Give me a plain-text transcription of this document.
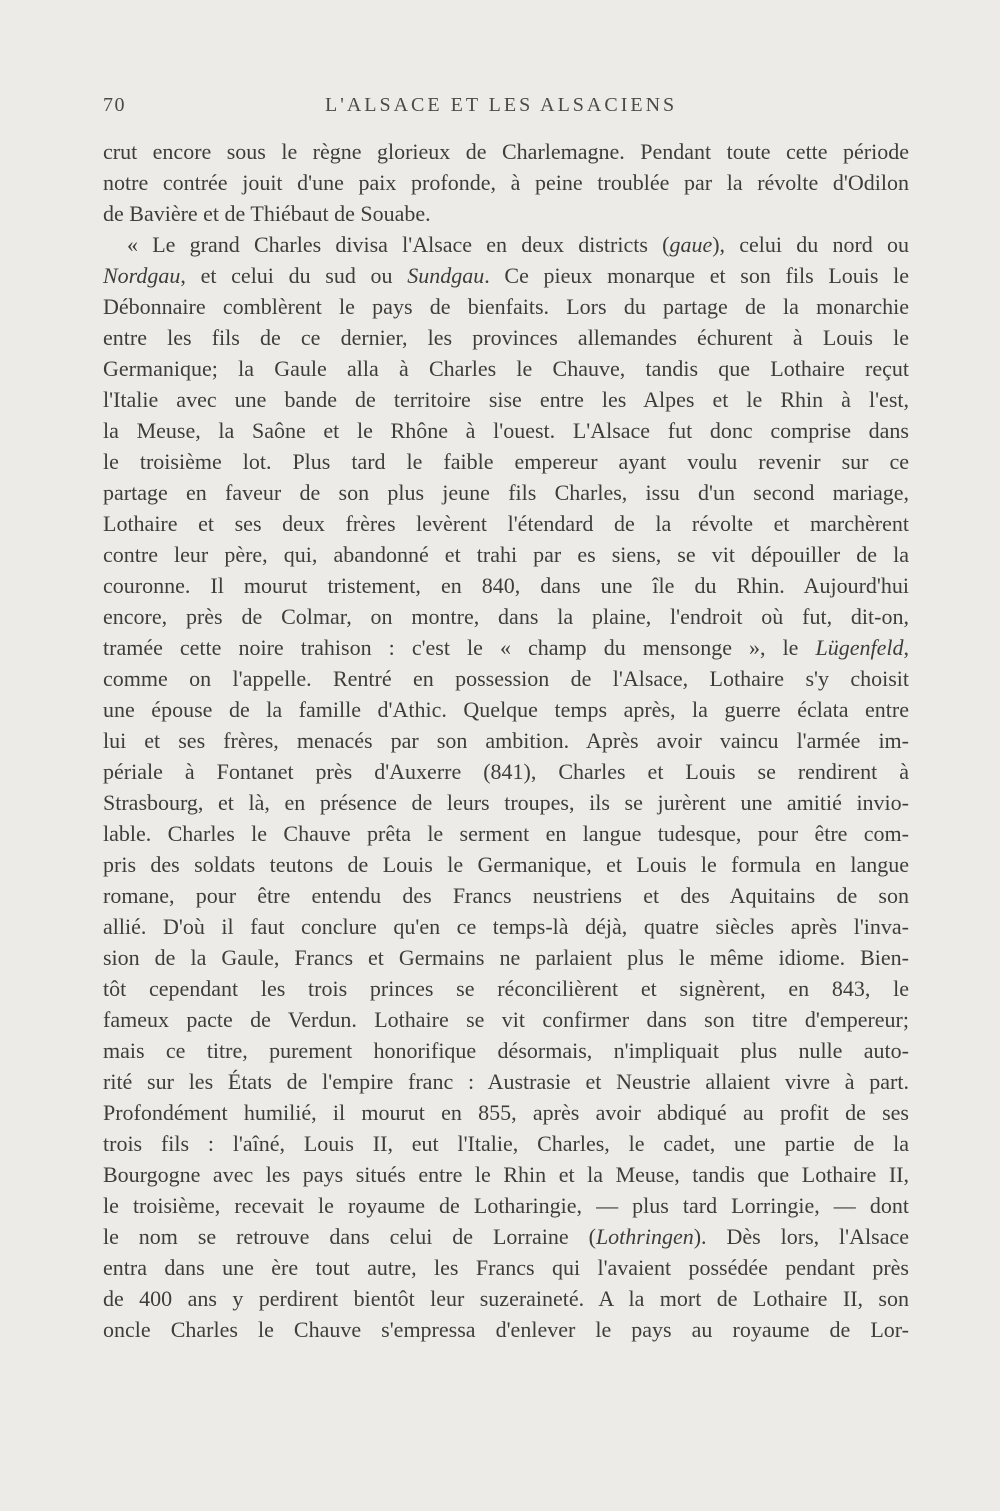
70	L'ALSACE ET LES ALSACIENS
crut encore sous le règne glorieux de Charlemagne. Pendant toute cette période
notre contrée jouit d'une paix profonde, à peine troublée par la révolte d'Odilon
de Bavière et de Thiébaut de Souabe.
« Le grand Charles divisa l'Alsace en deux districts (gaue), celui du nord ou
Nordgau, et celui du sud ou Sundgau. Ce pieux monarque et son fils Louis le
Débonnaire comblèrent le pays de bienfaits. Lors du partage de la monarchie
entre les fils de ce dernier, les provinces allemandes échurent à Louis le
Germanique; la Gaule alla à Charles le Chauve, tandis que Lothaire reçut
l'Italie avec une bande de territoire sise entre les Alpes et le Rhin à l'est,
la Meuse, la Saône et le Rhône à l'ouest. L'Alsace fut donc comprise dans
le troisième lot. Plus tard le faible empereur ayant voulu revenir sur ce
partage en faveur de son plus jeune fils Charles, issu d'un second mariage,
Lothaire et ses deux frères levèrent l'étendard de la révolte et marchèrent
contre leur père, qui, abandonné et trahi par es siens, se vit dépouiller de la
couronne. Il mourut tristement, en 840, dans une île du Rhin. Aujourd'hui
encore, près de Colmar, on montre, dans la plaine, l'endroit où fut, dit-on,
tramée cette noire trahison : c'est le « champ du mensonge », le Lügenfeld,
comme on l'appelle. Rentré en possession de l'Alsace, Lothaire s'y choisit
une épouse de la famille d'Athic. Quelque temps après, la guerre éclata entre
lui et ses frères, menacés par son ambition. Après avoir vaincu l'armée im-
périale à Fontanet près d'Auxerre (841), Charles et Louis se rendirent à
Strasbourg, et là, en présence de leurs troupes, ils se jurèrent une amitié invio-
lable. Charles le Chauve prêta le serment en langue tudesque, pour être com-
pris des soldats teutons de Louis le Germanique, et Louis le formula en langue
romane, pour être entendu des Francs neustriens et des Aquitains de son
allié. D'où il faut conclure qu'en ce temps-là déjà, quatre siècles après l'inva-
sion de la Gaule, Francs et Germains ne parlaient plus le même idiome. Bien-
tôt cependant les trois princes se réconcilièrent et signèrent, en 843, le
fameux pacte de Verdun. Lothaire se vit confirmer dans son titre d'empereur;
mais ce titre, purement honorifique désormais, n'impliquait plus nulle auto-
rité sur les États de l'empire franc : Austrasie et Neustrie allaient vivre à part.
Profondément humilié, il mourut en 855, après avoir abdiqué au profit de ses
trois fils : l'aîné, Louis II, eut l'Italie, Charles, le cadet, une partie de la
Bourgogne avec les pays situés entre le Rhin et la Meuse, tandis que Lothaire II,
le troisième, recevait le royaume de Lotharingie, — plus tard Lorringie, — dont
le nom se retrouve dans celui de Lorraine (Lothringen). Dès lors, l'Alsace
entra dans une ère tout autre, les Francs qui l'avaient possédée pendant près
de 400 ans y perdirent bientôt leur suzeraineté. A la mort de Lothaire II, son
oncle Charles le Chauve s'empressa d'enlever le pays au royaume de Lor-
